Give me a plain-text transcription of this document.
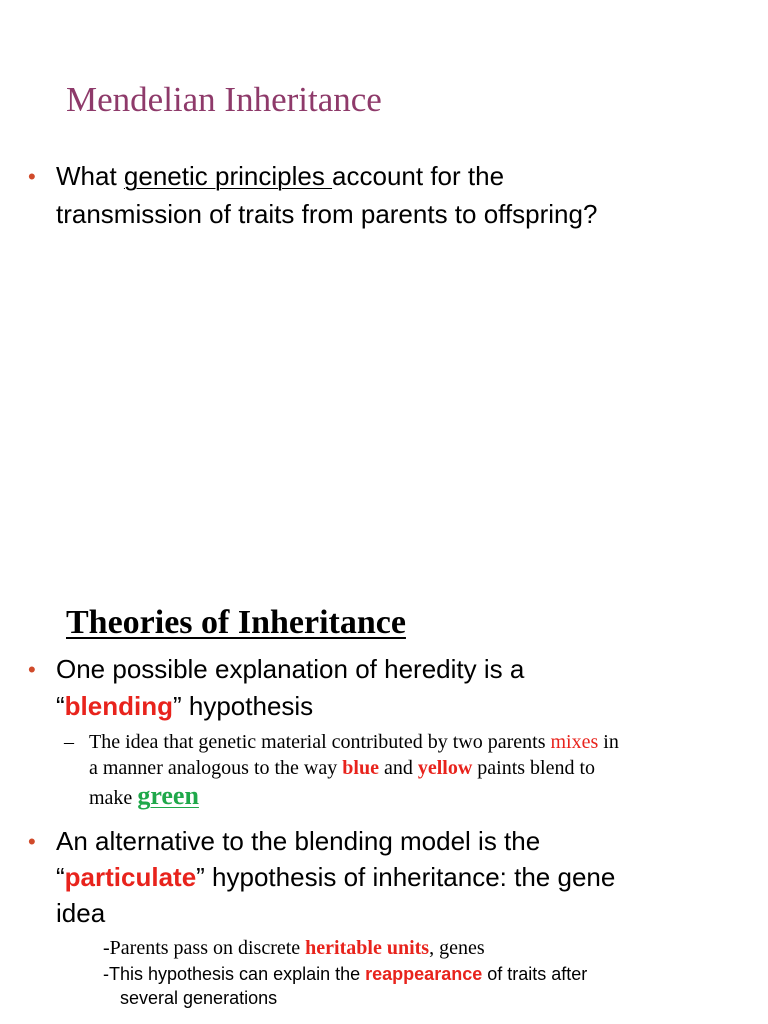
Mendelian Inheritance
• What genetic principles account for the
transmission of traits from parents to offspring?
Theories of Inheritance
• One possible explanation of heredity is a
“blending” hypothesis
– The idea that genetic material contributed by two parents mixes in
a manner analogous to the way blue and yellow paints blend to
make green
• An alternative to the blending model is the
“particulate” hypothesis of inheritance: the gene
idea
-Parents pass on discrete heritable units, genes
-This hypothesis can explain the reappearance of traits after
several generations
